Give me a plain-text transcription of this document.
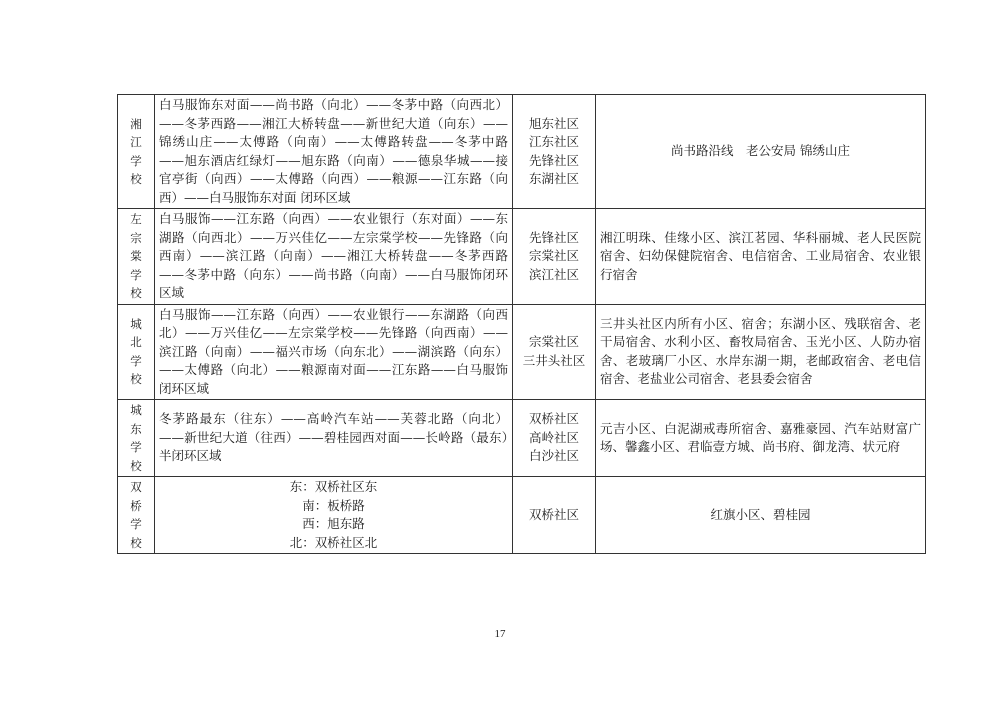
湘江学校	白马服饰东对面——尚书路（向北）——冬茅中路（向西北）——冬茅西路——湘江大桥转盘——新世纪大道（向东）——锦绣山庄——太傅路（向南）——太傅路转盘——冬茅中路——旭东酒店红绿灯——旭东路（向南）——德泉华城——接官亭街（向西）——太傅路（向西）——粮源——江东路（向西）——白马服饰东对面 闭环区域	旭东社区
江东社区
先锋社区
东湖社区	尚书路沿线　老公安局 锦绣山庄
左宗棠学校	白马服饰——江东路（向西）——农业银行（东对面）——东湖路（向西北）——万兴佳亿——左宗棠学校——先锋路（向西南）——滨江路（向南）——湘江大桥转盘——冬茅西路——冬茅中路（向东）——尚书路（向南）——白马服饰闭环区域	先锋社区
宗棠社区
滨江社区	湘江明珠、佳缘小区、滨江茗园、华科丽城、老人民医院宿舍、妇幼保健院宿舍、电信宿舍、工业局宿舍、农业银行宿舍
城北学校	白马服饰——江东路（向西）——农业银行——东湖路（向西北）——万兴佳亿——左宗棠学校——先锋路（向西南）——滨江路（向南）——福兴市场（向东北）——湖滨路（向东）——太傅路（向北）——粮源南对面——江东路——白马服饰闭环区域	宗棠社区
三井头社区	三井头社区内所有小区、宿舍；东湖小区、残联宿舍、老干局宿舍、水利小区、畜牧局宿舍、玉光小区、人防办宿舍、老玻璃厂小区、水岸东湖一期，老邮政宿舍、老电信宿舍、老盐业公司宿舍、老县委会宿舍
城东学校	冬茅路最东（往东）——高岭汽车站——芙蓉北路（向北）——新世纪大道（往西）——碧桂园西对面——长岭路（最东）半闭环区域	双桥社区
高岭社区
白沙社区	元吉小区、白泥湖戒毒所宿舍、嘉雅豪园、汽车站财富广场、馨鑫小区、君临壹方城、尚书府、御龙湾、状元府
双桥学校	东：双桥社区东
南：板桥路
西：旭东路
北：双桥社区北	双桥社区	红旗小区、碧桂园
17
